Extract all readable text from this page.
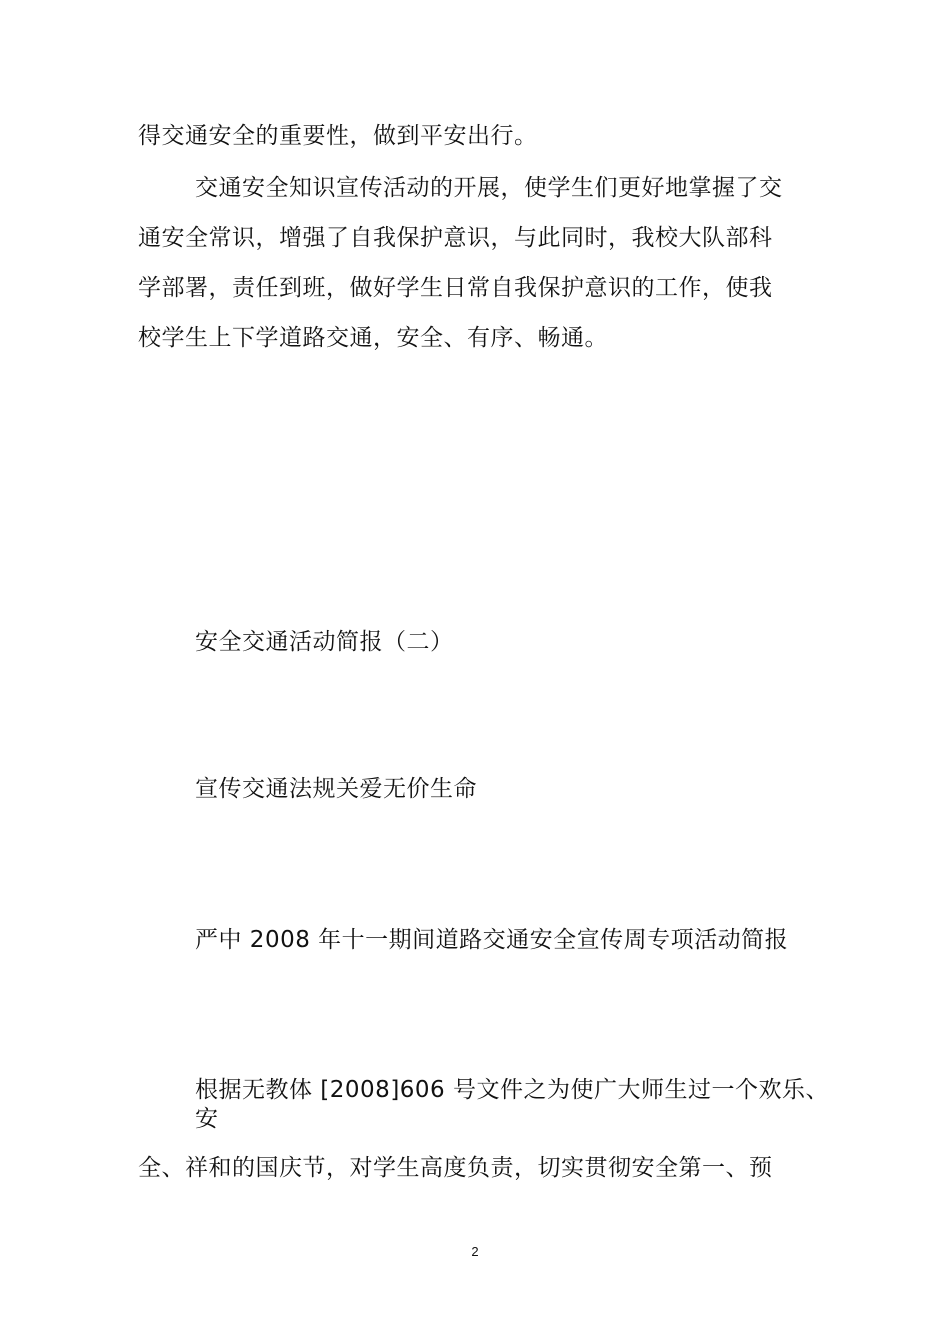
得交通安全的重要性，做到平安出行。
交通安全知识宣传活动的开展，使学生们更好地掌握了交
通安全常识，增强了自我保护意识，与此同时，我校大队部科
学部署，责任到班，做好学生日常自我保护意识的工作，使我
校学生上下学道路交通，安全、有序、畅通。
安全交通活动简报（二）
宣传交通法规关爱无价生命
严中 2008 年十一期间道路交通安全宣传周专项活动简报
根据无教体 [2008]606 号文件之为使广大师生过一个欢乐、
安
全、祥和的国庆节，对学生高度负责，切实贯彻安全第一、预
2
